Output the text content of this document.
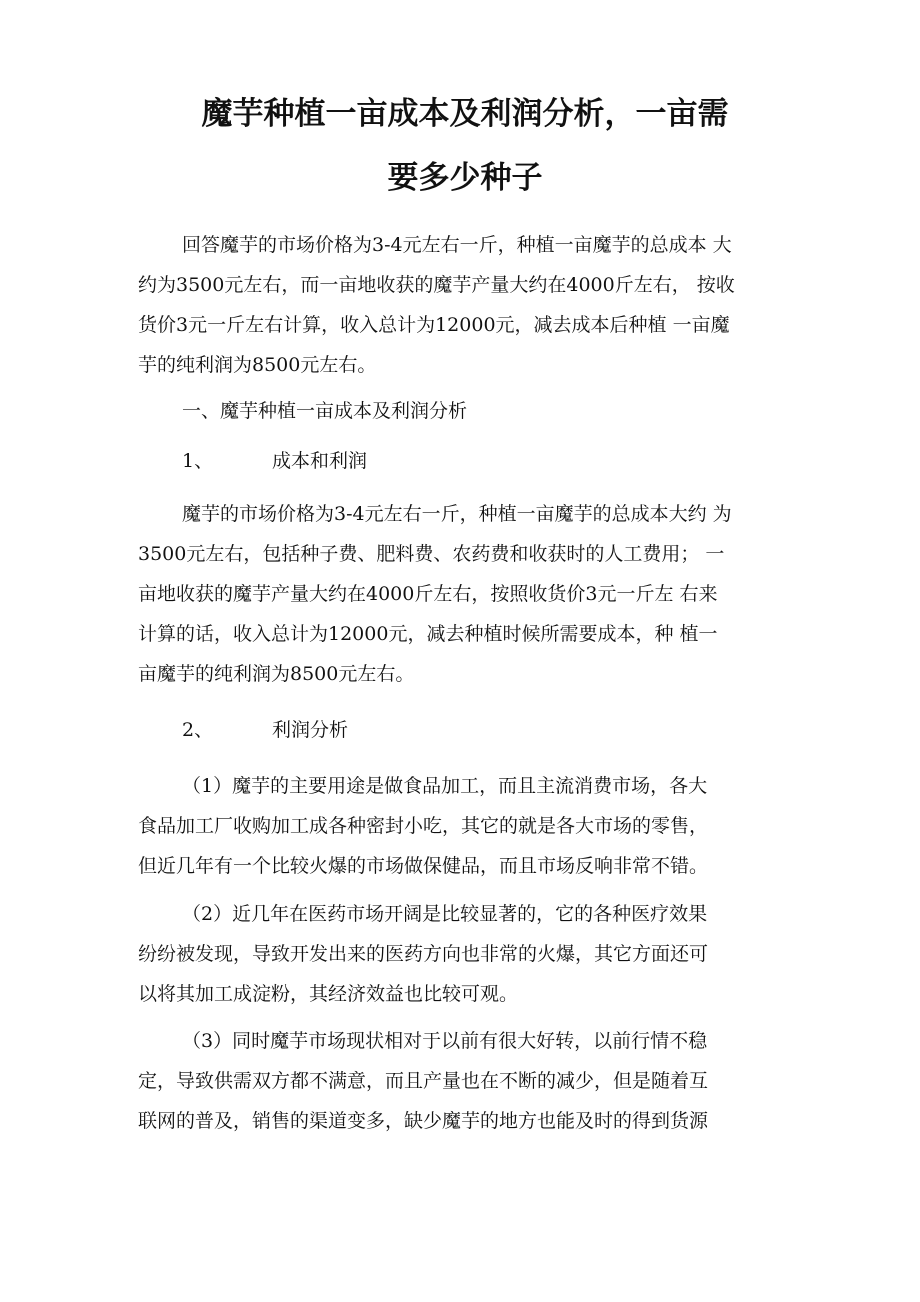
魔芋种植一亩成本及利润分析，一亩需
要多少种子

回答魔芋的市场价格为3-4元左右一斤，种植一亩魔芋的总成本 大
约为3500元左右，而一亩地收获的魔芋产量大约在4000斤左右， 按收
货价3元一斤左右计算，收入总计为12000元，减去成本后种植 一亩魔
芋的纯利润为8500元左右。

一、魔芋种植一亩成本及利润分析

1、	成本和利润

魔芋的市场价格为3-4元左右一斤，种植一亩魔芋的总成本大约 为
3500元左右，包括种子费、肥料费、农药费和收获时的人工费用； 一
亩地收获的魔芋产量大约在4000斤左右，按照收货价3元一斤左 右来
计算的话，收入总计为12000元，减去种植时候所需要成本，种 植一
亩魔芋的纯利润为8500元左右。

2、	利润分析

（1）魔芋的主要用途是做食品加工，而且主流消费市场，各大
食品加工厂收购加工成各种密封小吃，其它的就是各大市场的零售，
但近几年有一个比较火爆的市场做保健品，而且市场反响非常不错。

（2）近几年在医药市场开阔是比较显著的，它的各种医疗效果
纷纷被发现，导致开发出来的医药方向也非常的火爆，其它方面还可
以将其加工成淀粉，其经济效益也比较可观。

（3）同时魔芋市场现状相对于以前有很大好转，以前行情不稳
定，导致供需双方都不满意，而且产量也在不断的减少，但是随着互
联网的普及，销售的渠道变多，缺少魔芋的地方也能及时的得到货源
